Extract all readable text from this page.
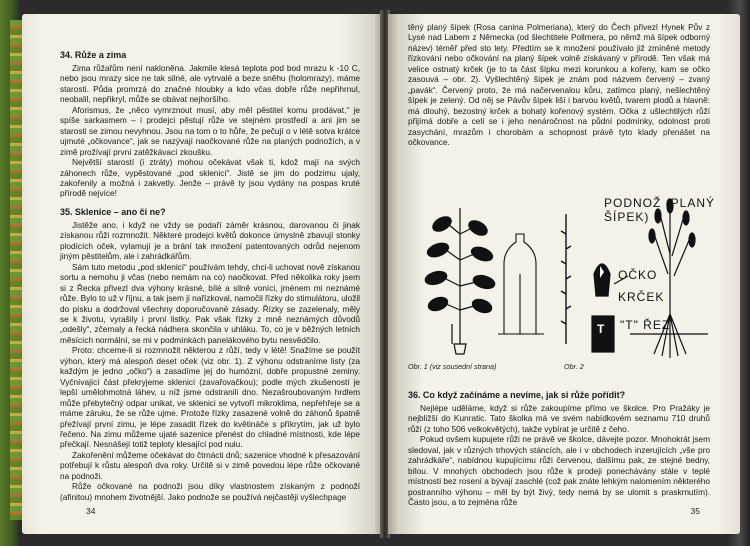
34. Růže a zima

Zima růžařům není nakloněna. Jakmile klesá teplota pod bod mrazu k -10 C, nebo jsou mrazy sice ne tak silné, ale vytrvalé a beze sněhu (holomrazy), máme starosti. Půda promrzá do značné hloubky a kdo včas dobře růže nepřihrnul, neobalil, nepřikryl, může se obávat nejhoršího.

Aforismus, že „něco vymrznout musí, aby měl pěstitel komu prodávat,“ je spíše sarkasmem – i prodejci pěstují růže ve stejném prostředí a ani jim se starosti se zimou nevyhnou. Jsou na tom o to hůře, že pečují o v létě sotva krátce ujmuté „očkovance“, jak se nazývají naočkované růže na planých podnožích, a v zimě prožívají první zatěžkávací zkoušku.

Největší starostí (i ztráty) mohou očekávat však ti, kdož mají na svých záhonech růže, vypěstované „pod sklenicí“. Jistě se jim do podzimu ujaly, zakořenily a možná i zakvetly. Jenže – právě ty jsou vydány na pospas kruté přírodě nejvíce!

35. Sklenice – ano či ne?

Jistěže ano, i když ne vždy se podaří záměr krásnou, darovanou či jinak získanou růži rozmnožit. Některé prodejci květů dokonce úmyslně zbavují stonky plodících oček, vylamují je a brání tak množení patentovaných odrůd nejenom jiným pěstitelům, ale i zahrádkářům.

Sám tuto metodu „pod sklenicí“ používám tehdy, chci-li uchovat nově získanou sortu a nemohu ji včas (nebo nemám na co) naočkovat. Před několika roky jsem si z Řecka přivezl dva výhony krásné, bílé a silně voníci, jménem mi neznámé růže. Bylo to už v říjnu, a tak jsem ji nařízkoval, namočil řízky do stimulátoru, uložil do písku a dodržoval všechny doporučované zásady. Řízky se zazelenaly, měly se k životu, vyrašily i první listky. Pak však řízky z mně neznámých důvodů „odešly“, zčernaly a řecká nádhera skončila v uhláku. To, co je v běžných letních měsících normální, se mi v podmínkách panelákového bytu nesvědčilo.

Proto: chceme-li si rozmnožit některou z růží, tedy v létě! Snažíme se použít výhon, který má alespoň deset oček (viz obr. 1). Z výhonu odstraníme listy (za každým je jedno „očko“) a zasadíme jej do humózní, dobře propustné zeminy. Vyčnívající část překryjeme sklenicí (zavařovačkou); podle mých zkušeností je lepší umělohmotná láhev, u níž jsme odstranili dno. Nezašroubovaným hrdlem může přebytečný odpar unikat, ve sklenici se vytvoří mikroklima, nepřehřeje se a máme záruku, že se růže ujme. Protože řízky zasazené volně do záhonů špatně přežívají první zimu, je lépe zasadit řízek do květináče s příkrytím, jak už bylo řečeno. Na zimu můžeme ujaté sazenice přenést do chladné místnosti, kde lépe přečkají. Nesnášejí totiž teploty klesající pod nulu.

Zakořenění můžeme očekávat do čtrnácti dnů; sazenice vhodné k přesazování potřebují k růstu alespoň dva roky. Určitě si v zimě povedou lépe růže očkované na podnoži.

Růže očkované na podnoži jsou díky vlastnostem získaným z podnoží (afinitou) mnohem životnější. Jako podnože se používá nejčastěji vyšlechpage

34

těný planý šípek (Rosa canina Polmeriana), který do Čech přivezl Hynek Pův z Lysé nad Labem z Německa (od šlechtitele Pollmera, po němž má šípek odborný název) téměř před sto lety. Předtím se k množení používalo již zmíněné metody řízkování nebo očkování na planý šípek volně získávaný v přírodě. Ten však má velice ostnatý krček (je to ta část šípku mezi korunkou a kořeny, kam se očko zasouvá – obr. 2). Vyšlechtěný šípek je znám pod názvem červený – zvaný „pavák“. Červený proto, že má načervenalou kůru, zatímco planý, nešlechtěný šípek je zelený. Od něj se Pávův šípek liší i barvou květů, tvarem plodů a hlavně: má dlouhý, bezostný krček a bohatý kořenový systém. Očka z ušlechtilých růží přijímá dobře a celí se i jeho nenáročnost na půdní podmínky, odolnost proti zasychání, mrazům i chorobám a schopnost právě tyto klady přenášet na očkovance.

PODNOŽ (PLANÝ ŠÍPEK)
OČKO
KRČEK
"T" ŘEZ
T
Obr. 1 (viz sousední strana)	Obr. 2
36. Co když začínáme a nevíme, jak si růže pořídit?

Nejlépe uděláme, když si růže zakoupíme přímo ve školce. Pro Pražáky je nejbližší do Kunratic. Tato školka má ve svém nabídkovém seznamu 710 druhů růží (z toho 506 velkokvětých), takže vybírat je určitě z čeho.

Pokud ovšem kupujete růži ne právě ve školce, dávejte pozor. Mnohokrát jsem sledoval, jak v různých trhových stáncích, ale i v obchodech inzerujících „vše pro zahrádkáře“, nabídnou kupujícímu růži červenou, dalšímu pak, ze stejné bedny, bílou. V mnohých obchodech jsou růže k prodeji ponechávány stále v teplé místnosti bez rosení a bývají zaschlé (což pak znáte lehkým nalomením některého postranního výhonu – měl by být živý, tedy nemá by se ulomit s praskrnutím). Často jsou, a to zejména růže

35
